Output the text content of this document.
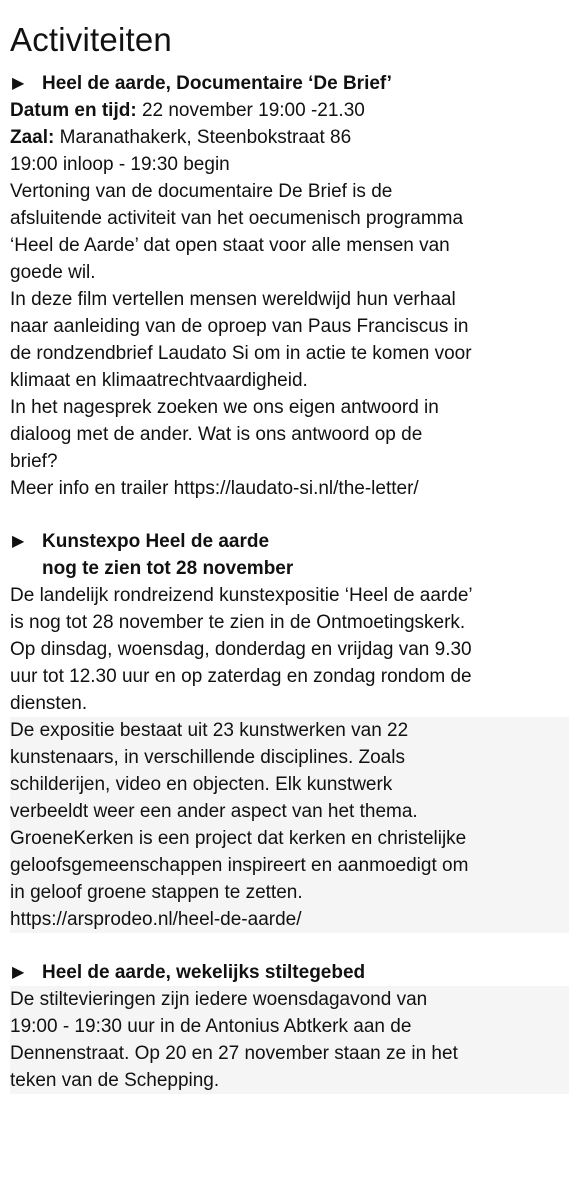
Activiteiten
▶ Heel de aarde, Documentaire ‘De Brief’
Datum en tijd: 22 november 19:00 -21.30
Zaal: Maranathakerk, Steenbokstraat 86
19:00 inloop - 19:30 begin
Vertoning van de documentaire De Brief is de
afsluitende activiteit van het oecumenisch programma
‘Heel de Aarde’ dat open staat voor alle mensen van
goede wil.
In deze film vertellen mensen wereldwijd hun verhaal
naar aanleiding van de oproep van Paus Franciscus in
de rondzendbrief Laudato Si om in actie te komen voor
klimaat en klimaatrechtvaardigheid.
In het nagesprek zoeken we ons eigen antwoord in
dialoog met de ander. Wat is ons antwoord op de
brief?
Meer info en trailer https://laudato-si.nl/the-letter/
▶ Kunstexpo Heel de aarde
nog te zien tot 28 november
De landelijk rondreizend kunstexpositie ‘Heel de aarde’
is nog tot 28 november te zien in de Ontmoetingskerk.
Op dinsdag, woensdag, donderdag en vrijdag van 9.30
uur tot 12.30 uur en op zaterdag en zondag rondom de
diensten.
De expositie bestaat uit 23 kunstwerken van 22
kunstenaars, in verschillende disciplines. Zoals
schilderijen, video en objecten. Elk kunstwerk
verbeeldt weer een ander aspect van het thema.
GroeneKerken is een project dat kerken en christelijke
geloofsgemeenschappen inspireert en aanmoedigt om
in geloof groene stappen te zetten.
https://arsprodeo.nl/heel-de-aarde/
▶ Heel de aarde, wekelijks stiltegebed
De stiltevieringen zijn iedere woensdagavond van
19:00 - 19:30 uur in de Antonius Abtkerk aan de
Dennenstraat. Op 20 en 27 november staan ze in het
teken van de Schepping.
